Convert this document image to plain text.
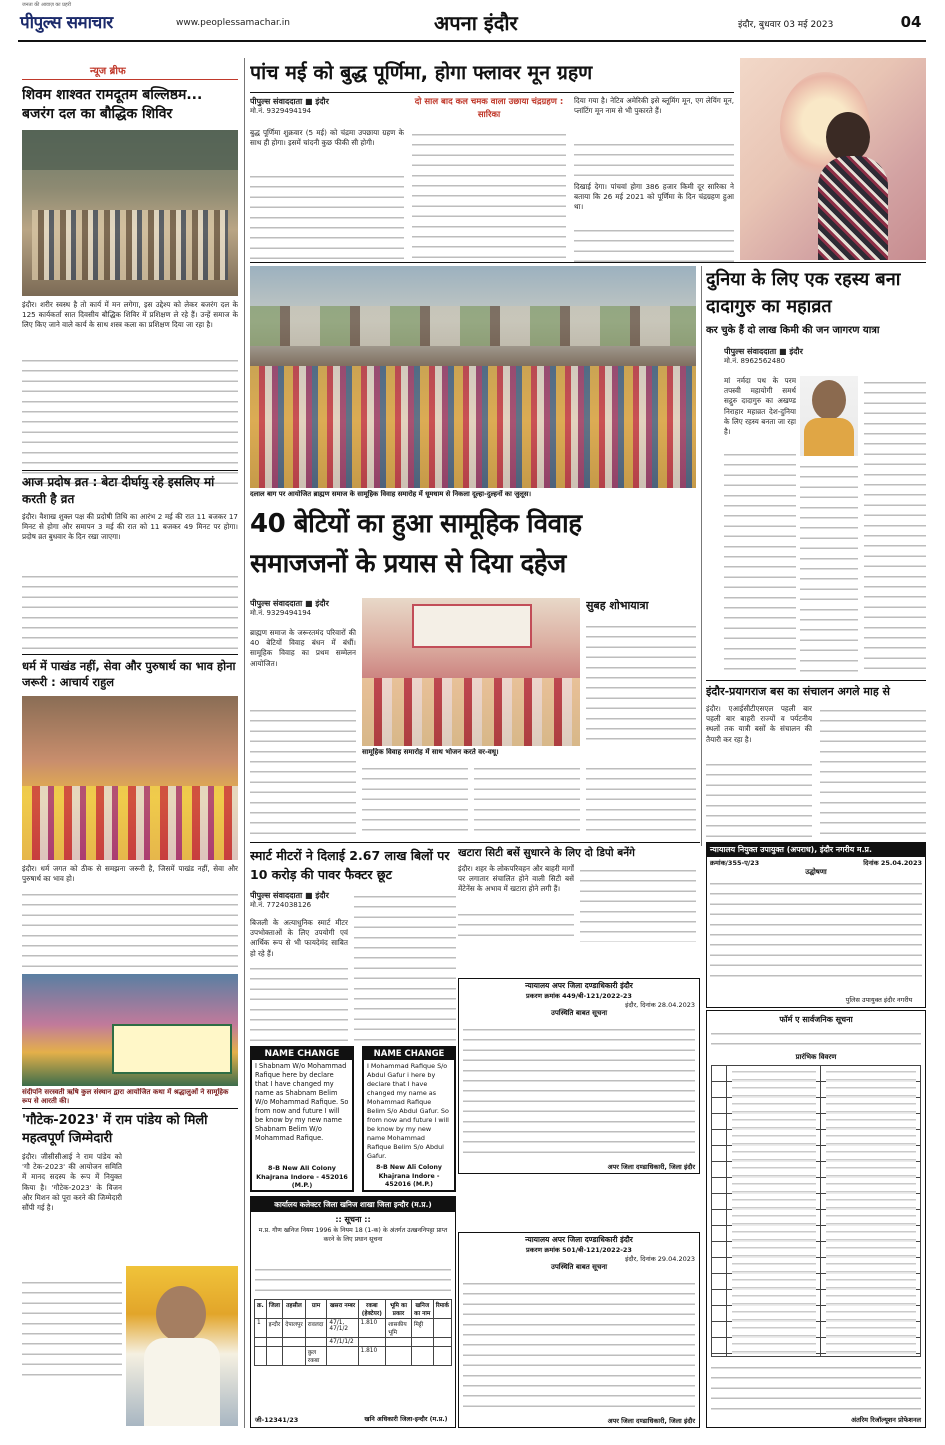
जनता की आवाज़ का प्रहरी
पीपुल्स समाचार	www.peoplessamachar.in	अपना इंदौर	इंदौर, बुधवार 03 मई 2023	04
न्यूज ब्रीफ
शिवम शाश्वत रामदूतम बल्लिष्ठम... बजरंग दल का बौद्धिक शिविर
इंदौर। शरीर स्वस्थ है तो कार्य में मन लगेगा, इस उद्देश्य को लेकर बजरंग दल के 125 कार्यकर्ता सात दिवसीय बौद्धिक शिविर में प्रशिक्षण ले रहे हैं। उन्हें समाज के लिए किए जाने वाले कार्य के साथ शस्त्र कला का प्रशिक्षण दिया जा रहा है।
आज प्रदोष व्रत : बेटा दीर्घायु रहे इसलिए मां करती है व्रत
इंदौर। वैशाख शुक्ल पक्ष की प्रदोषी तिथि का आरंभ 2 मई की रात 11 बजकर 17 मिनट से होगा और समापन 3 मई की रात को 11 बजकर 49 मिनट पर होगा। प्रदोष व्रत बुधवार के दिन रखा जाएगा।
धर्म में पाखंड नहीं, सेवा और पुरुषार्थ का भाव होना जरूरी : आचार्य राहुल
इंदौर। धर्म जगत को ठीक से समझना जरूरी है, जिसमें पाखंड नहीं, सेवा और पुरुषार्थ का भाव हो।
संदीपनि सरस्वती ऋषि कुल संस्थान द्वारा आयोजित कथा में श्रद्धालुओं ने सामूहिक रूप से आरती की।
'गौटेक-2023' में राम पांडेय को मिली महत्वपूर्ण जिम्मेदारी
इंदौर। जीसीसीआई ने राम पांडेय को 'गौ टेक-2023' की आयोजन समिति में मानद सदस्य के रूप में नियुक्त किया है। 'गौटेक-2023' के विजन और मिशन को पूरा करने की जिम्मेदारी सौंपी गई है।
पांच मई को बुद्ध पूर्णिमा, होगा फ्लावर मून ग्रहण
पीपुल्स संवाददाता ■ इंदौर
मो.नं. 9329494194
बुद्ध पूर्णिमा शुक्रवार (5 मई) को चंद्रमा उपछाया ग्रहण के साथ ही होगा। इसमें चांदनी कुछ फीकी सी होगी।
दो साल बाद कल चमक वाला उछाया चंद्रग्रहण : सारिका
दिया गया है। नेटिव अमेरिकी इसे ब्लूमिंग मून, एग लेयिंग मून, प्लांटिंग मून नाम से भी पुकारते हैं।
दिखाई देगा। पांचवां होगा 386 हजार किमी दूर सारिका ने बताया कि 26 मई 2021 को पूर्णिमा के दिन चंद्रग्रहण हुआ था।
दलाल बाग पर आयोजित ब्राह्मण समाज के सामूहिक विवाह समारोह में धूमधाम से निकला दूल्हा-दुल्हनों का जुलूस।
40 बेटियों का हुआ सामूहिक विवाह
समाजजनों के प्रयास से दिया दहेज
पीपुल्स संवाददाता ■ इंदौर
मो.नं. 9329494194
ब्राह्मण समाज के जरूरतमंद परिवारों की 40 बेटियों विवाह बंधन में बंधीं। सामूहिक विवाह का प्रथम सम्मेलन आयोजित।
सामूहिक विवाह समारोह में साथ भोजन करते वर-वधू।
सुबह शोभायात्रा
दुनिया के लिए एक रहस्य बना दादागुरु का महाव्रत
कर चुके हैं दो लाख किमी की जन जागरण यात्रा
पीपुल्स संवाददाता ■ इंदौर
मो.नं. 8962562480
मां नर्मदा पथ के परम तपस्वी महायोगी समर्थ सद्गुरु दादागुरु का अखण्ड निराहार महाव्रत देश-दुनिया के लिए रहस्य बनता जा रहा है।
इंदौर-प्रयागराज बस का संचालन अगले माह से
इंदौर। एआईसीटीएसएल पहली बार पहली बार बाहरी राज्यों व पर्यटनीय स्थलों तक यात्री बसों के संचालन की तैयारी कर रहा है।
न्यायालय नियुक्त उपायुक्त (अपराध), इंदौर नगरीय म.प्र.
क्रमांक/355-ए/23	दिनांक 25.04.2023
उद्घोषणा
पुलिस उपायुक्त इंदौर नगरीय
स्मार्ट मीटरों ने दिलाई 2.67 लाख बिलों पर 10 करोड़ की पावर फैक्टर छूट
पीपुल्स संवाददाता ■ इंदौर
मो.नं. 7724038126
बिजली के अत्याधुनिक स्मार्ट मीटर उपभोक्ताओं के लिए उपयोगी एवं आर्थिक रूप से भी फायदेमंद साबित हो रहे हैं।
खटारा सिटी बसें सुधारने के लिए दो डिपो बनेंगे
इंदौर। शहर के लोकपरिवहन और बाहरी मार्गों पर लगातार संचालित होने वाली सिटी बसें मेंटेनेंस के अभाव में खटारा होने लगी हैं।
NAME CHANGE
I Shabnam W/o Mohammad Rafique here by declare that I have changed my name as Shabnam Belim W/o Mohammad Rafique. So from now and future I will be know by my new name Shabnam Belim W/o Mohammad Rafique.
8-B New Ali Colony Khajrana Indore - 452016 (M.P.)
NAME CHANGE
I Mohammad Rafique S/o Abdul Gafur i here by declare that I have changed my name as Mohammad Rafique Belim S/o Abdul Gafur. So from now and future I will be know by my new name Mohammad Rafique Belim S/o Abdul Gafur.
8-B New Ali Colony Khajrana Indore - 452016 (M.P.)
न्यायालय अपर जिला दण्डाधिकारी इंदौर
प्रकरण क्रमांक 449/बी-121/2022-23
इंदौर, दिनांक 28.04.2023
उपस्थिति बाबत सूचना
अपर जिला दण्डाधिकारी, जिला इंदौर
न्यायालय अपर जिला दण्डाधिकारी इंदौर
प्रकरण क्रमांक 501/बी-121/2022-23
इंदौर, दिनांक 29.04.2023
उपस्थिति बाबत सूचना
अपर जिला दण्डाधिकारी, जिला इंदौर
फॉर्म ए सार्वजनिक सूचना
प्रारंभिक विवरण
अंतरिम रिजॉल्यूशन प्रोफेशनल
कार्यालय कलेक्टर जिला खनिज शाखा जिला इन्दौर (म.प्र.)
:: सूचना ::
म.प्र. गौण खनिज नियम 1996 के नियम 18 (1-क) के अंतर्गत उत्खननिपट्टा प्राप्त करने के लिए प्रधान सूचना
क्र.	जिला	तहसील	ग्राम	खसरा नम्बर	रकबा (हेक्टेयर)	भूमि का प्रकार	खनिज का नाम	रिमार्क
1	इन्दौर	देपालपुर	रावलदा	47/1, 47/1/2	1.810	शासकीय भूमि	मिट्टी	
				47/1/1/2				
			कुल रकबा		1.810			
जी-12341/23	खनि अधिकारी जिला-इन्दौर (म.प्र.)
